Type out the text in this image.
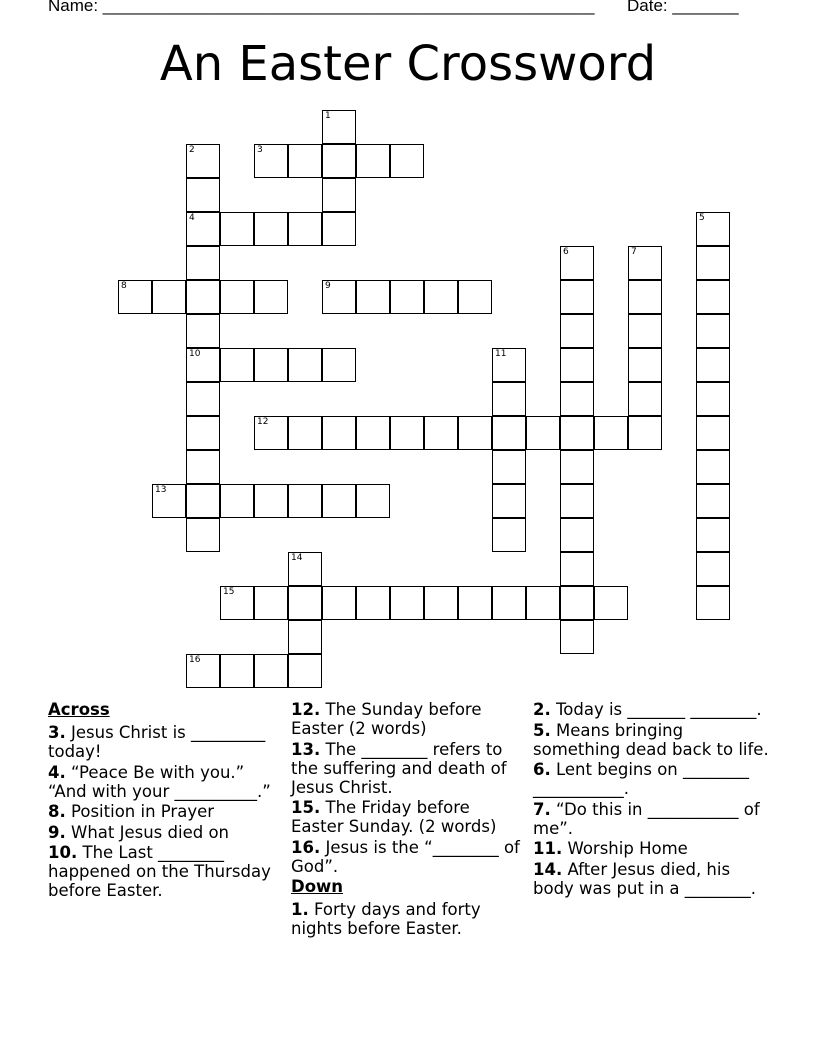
Name: ____________________________________________________ Date: _______
An Easter Crossword
1
2	3
4	5
6	7
8	9
10	11
12
13
14
15
16
Across
3. Jesus Christ is _________ today!
4. “Peace Be with you.” “And with your __________.”
8. Position in Prayer
9. What Jesus died on
10. The Last ________ happened on the Thursday before Easter.
12. The Sunday before Easter (2 words)
13. The ________ refers to the suffering and death of Jesus Christ.
15. The Friday before Easter Sunday. (2 words)
16. Jesus is the “________ of God”.
Down
1. Forty days and forty nights before Easter.
2. Today is _______ ________.
5. Means bringing something dead back to life.
6. Lent begins on ________ ___________.
7. “Do this in ___________ of me”.
11. Worship Home
14. After Jesus died, his body was put in a ________.
